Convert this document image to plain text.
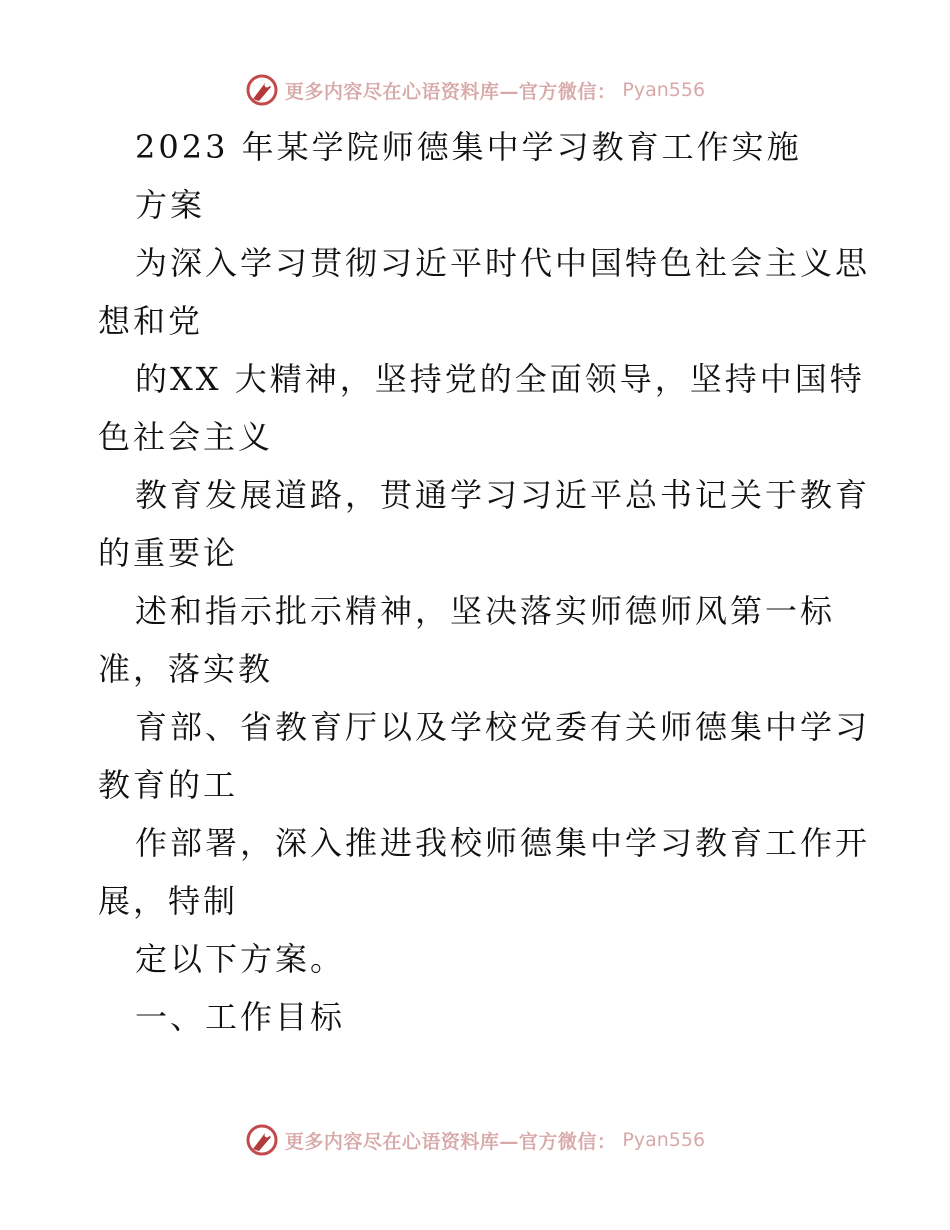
更多内容尽在心语资料库—官方微信： Pyan556
2023 年某学院师德集中学习教育工作实施
方案
为深入学习贯彻习近平时代中国特色社会主义思
想和党
的XX 大精神，坚持党的全面领导，坚持中国特
色社会主义
教育发展道路，贯通学习习近平总书记关于教育
的重要论
述和指示批示精神，坚决落实师德师风第一标
准，落实教
育部、省教育厅以及学校党委有关师德集中学习
教育的工
作部署，深入推进我校师德集中学习教育工作开
展，特制
定以下方案。
一、工作目标
更多内容尽在心语资料库—官方微信： Pyan556
